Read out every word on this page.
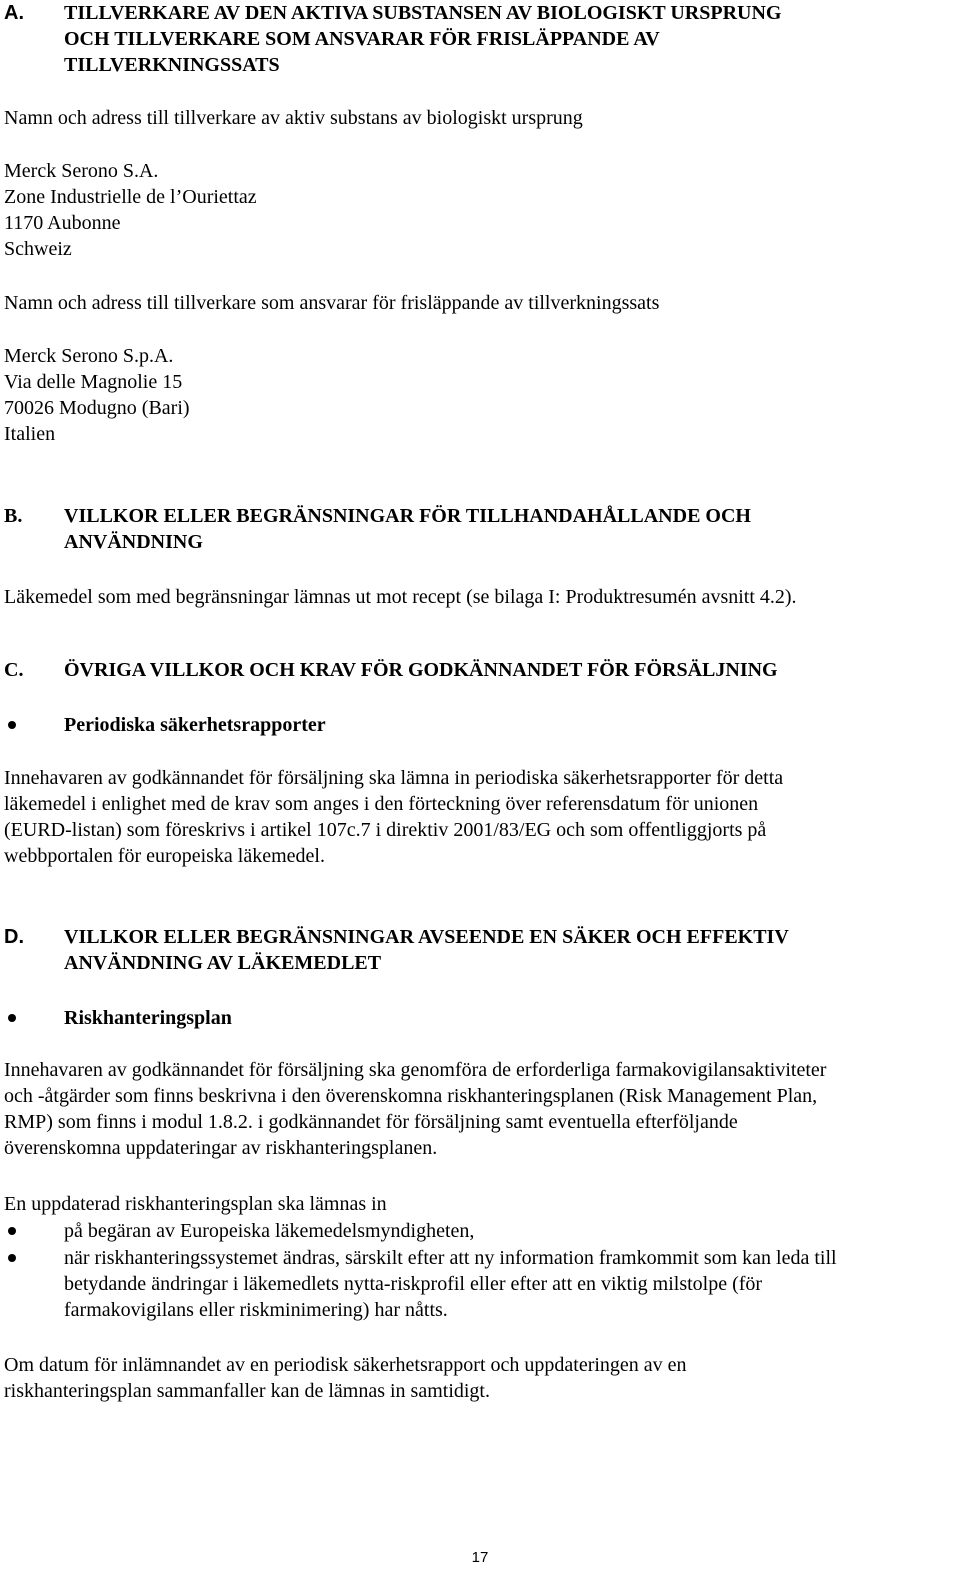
A. TILLVERKARE AV DEN AKTIVA SUBSTANSEN AV BIOLOGISKT URSPRUNG
OCH TILLVERKARE SOM ANSVARAR FÖR FRISLÄPPANDE AV
TILLVERKNINGSSATS

Namn och adress till tillverkare av aktiv substans av biologiskt ursprung

Merck Serono S.A.
Zone Industrielle de l’Ouriettaz
1170 Aubonne
Schweiz

Namn och adress till tillverkare som ansvarar för frisläppande av tillverkningssats

Merck Serono S.p.A.
Via delle Magnolie 15
70026 Modugno (Bari)
Italien
B. VILLKOR ELLER BEGRÄNSNINGAR FÖR TILLHANDAHÅLLANDE OCH
ANVÄNDNING

Läkemedel som med begränsningar lämnas ut mot recept (se bilaga I: Produktresumén avsnitt 4.2).

C. ÖVRIGA VILLKOR OCH KRAV FÖR GODKÄNNANDET FÖR FÖRSÄLJNING
Periodiska säkerhetsrapporter
Innehavaren av godkännandet för försäljning ska lämna in periodiska säkerhetsrapporter för detta
läkemedel i enlighet med de krav som anges i den förteckning över referensdatum för unionen
(EURD-listan) som föreskrivs i artikel 107c.7 i direktiv 2001/83/EG och som offentliggjorts på
webbportalen för europeiska läkemedel.
D. VILLKOR ELLER BEGRÄNSNINGAR AVSEENDE EN SÄKER OCH EFFEKTIV
ANVÄNDNING AV LÄKEMEDLET
Riskhanteringsplan
Innehavaren av godkännandet för försäljning ska genomföra de erforderliga farmakovigilansaktiviteter
och -åtgärder som finns beskrivna i den överenskomna riskhanteringsplanen (Risk Management Plan,
RMP) som finns i modul 1.8.2. i godkännandet för försäljning samt eventuella efterföljande
överenskomna uppdateringar av riskhanteringsplanen.

En uppdaterad riskhanteringsplan ska lämnas in

på begäran av Europeiska läkemedelsmyndigheten,
när riskhanteringssystemet ändras, särskilt efter att ny information framkommit som kan leda till
betydande ändringar i läkemedlets nytta-riskprofil eller efter att en viktig milstolpe (för
farmakovigilans eller riskminimering) har nåtts.
Om datum för inlämnandet av en periodisk säkerhetsrapport och uppdateringen av en
riskhanteringsplan sammanfaller kan de lämnas in samtidigt.
17
